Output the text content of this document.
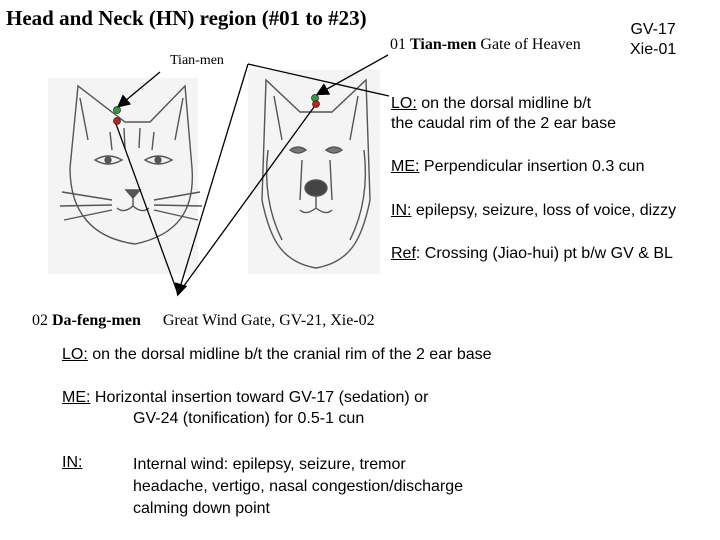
Head and Neck (HN) region (#01 to #23)
Tian-men
01 Tian-men Gate of Heaven
GV-17
Xie-01
LO: on the dorsal midline b/t
the caudal rim of the 2 ear base
ME: Perpendicular insertion 0.3 cun
IN: epilepsy, seizure, loss of voice, dizzy
Ref: Crossing (Jiao-hui) pt b/w GV & BL
02 Da-feng-men Great Wind Gate, GV-21, Xie-02
LO: on the dorsal midline b/t the cranial rim of the 2 ear base
ME: Horizontal insertion toward GV-17 (sedation) or
GV-24 (tonification) for 0.5-1 cun
IN:	Internal wind: epilepsy, seizure, tremor
headache, vertigo, nasal congestion/discharge
calming down point
